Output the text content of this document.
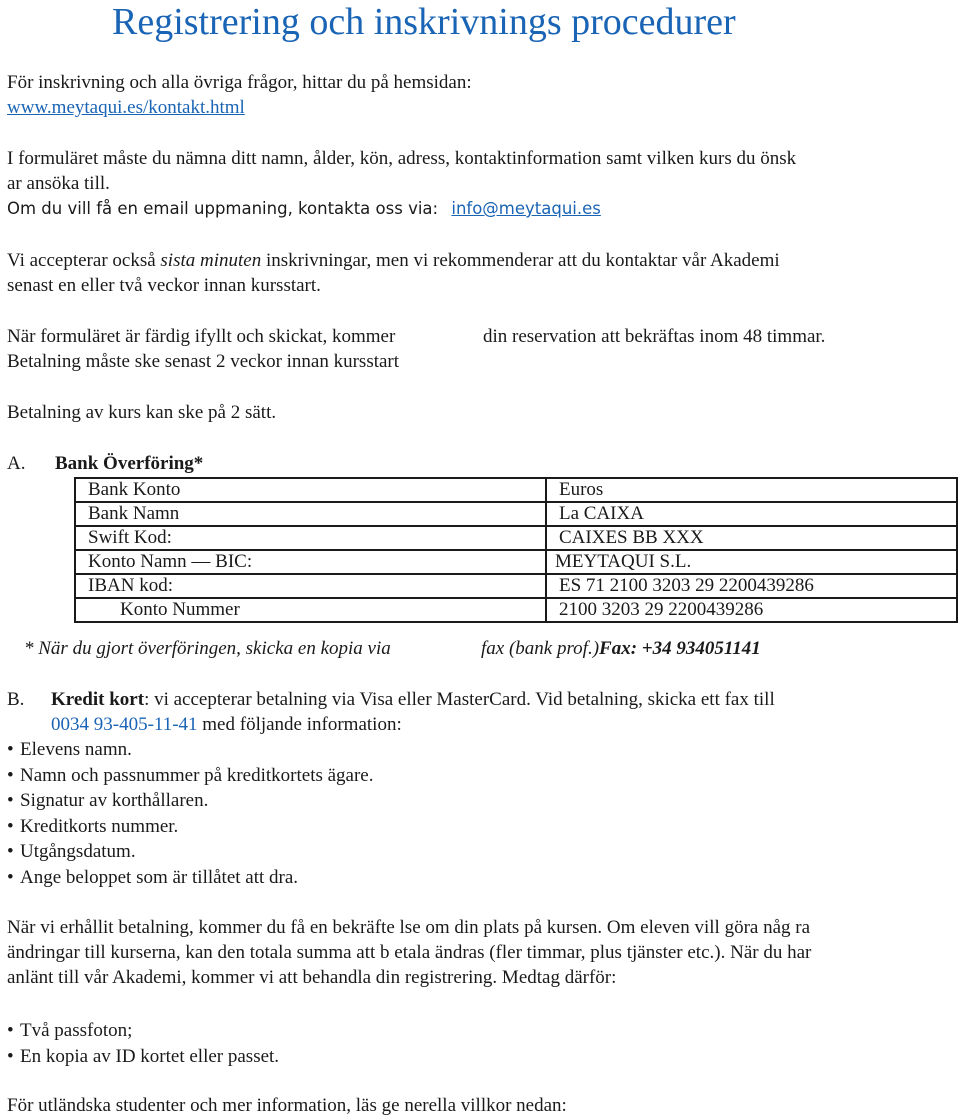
Registrering och inskrivnings procedurer
För inskrivning och alla övriga frågor, hittar du på hemsidan:
www.meytaqui.es/kontakt.html
I formuläret måste du nämna ditt namn, ålder, kön, adress, kontaktinformation samt vilken kurs du önsk
ar ansöka till.
Om du vill få en email uppmaning, kontakta oss via: info@meytaqui.es
Vi accepterar också sista minuten inskrivningar, men vi rekommenderar att du kontaktar vår Akademi
senast en eller två veckor innan kursstart.
När formuläret är färdig ifyllt och skickat, kommer	din reservation att bekräftas inom 48 timmar.
Betalning måste ske senast 2 veckor innan kursstart
Betalning av kurs kan ske på 2 sätt.
A. Bank Överföring*
Bank Konto	Euros
Bank Namn	La CAIXA
Swift Kod:	CAIXES BB XXX
Konto Namn — BIC:	MEYTAQUI S.L.
IBAN kod:	ES 71 2100 3203 29 2200439286
Konto Nummer	2100 3203 29 2200439286
* När du gjort överföringen, skicka en kopia via	fax (bank prof.)Fax: +34 934051141
B. Kredit kort: vi accepterar betalning via Visa eller MasterCard. Vid betalning, skicka ett fax till
0034 93-405-11-41 med följande information:
• Elevens namn.
• Namn och passnummer på kreditkortets ägare.
• Signatur av korthållaren.
• Kreditkorts nummer.
• Utgångsdatum.
• Ange beloppet som är tillåtet att dra.
När vi erhållit betalning, kommer du få en bekräfte lse om din plats på kursen. Om eleven vill göra någ ra
ändringar till kurserna, kan den totala summa att b etala ändras (fler timmar, plus tjänster etc.). När du har
anlänt till vår Akademi, kommer vi att behandla din registrering. Medtag därför:
• Två passfoton;
• En kopia av ID kortet eller passet.
För utländska studenter och mer information, läs ge nerella villkor nedan:
